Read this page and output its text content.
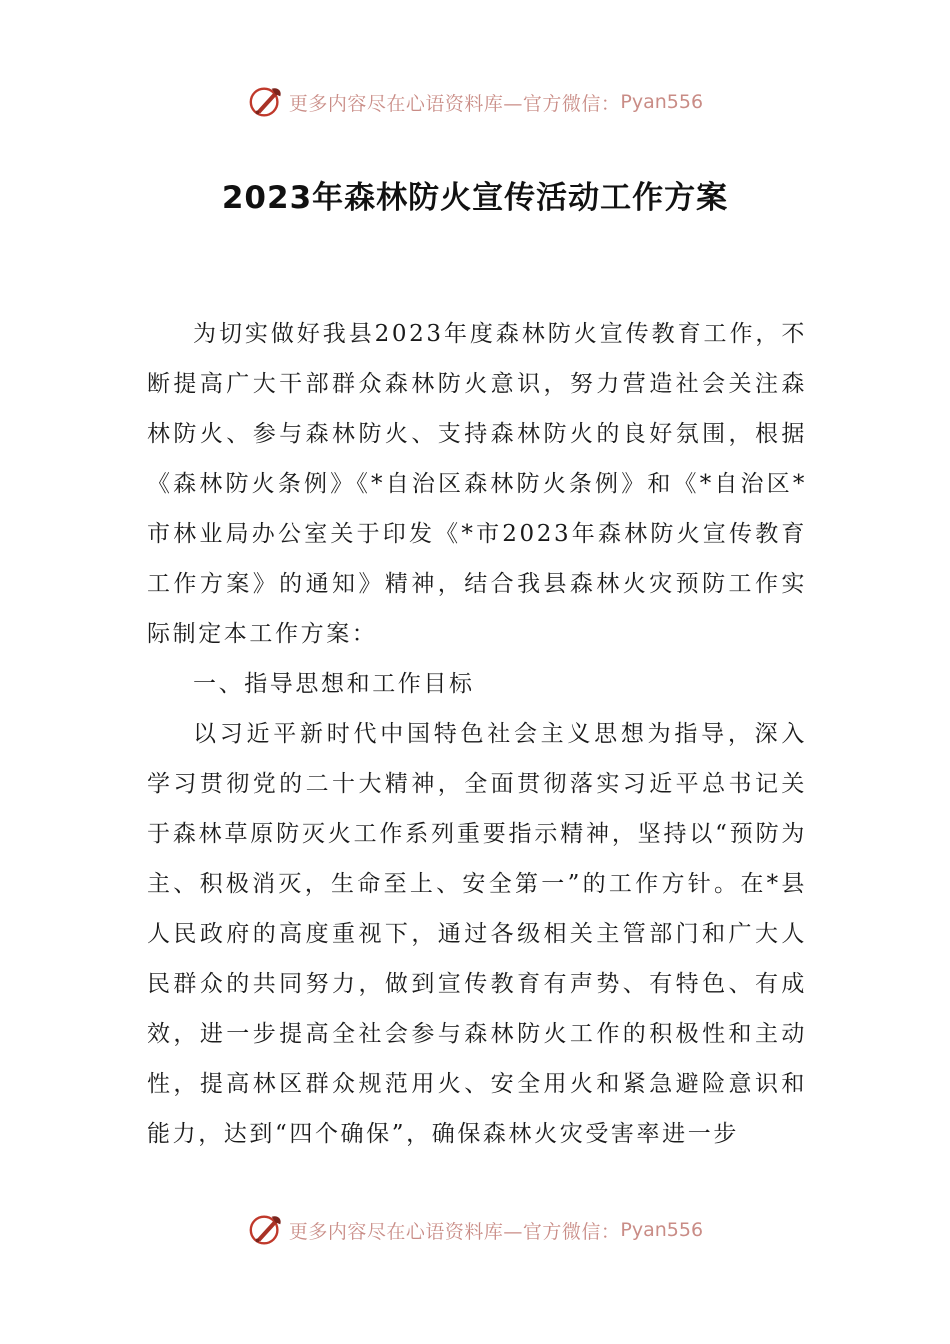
更多内容尽在心语资料库—官方微信： Pyan556
2023年森林防火宣传活动工作方案

为切实做好我县2023年度森林防火宣传教育工作，不断提高广大干部群众森林防火意识，努力营造社会关注森林防火、参与森林防火、支持森林防火的良好氛围，根据《森林防火条例》《*自治区森林防火条例》和《*自治区*市林业局办公室关于印发《*市2023年森林防火宣传教育工作方案》的通知》精神，结合我县森林火灾预防工作实际制定本工作方案：

一、指导思想和工作目标

以习近平新时代中国特色社会主义思想为指导，深入学习贯彻党的二十大精神，全面贯彻落实习近平总书记关于森林草原防灭火工作系列重要指示精神，坚持以“预防为主、积极消灭，生命至上、安全第一”的工作方针。在*县人民政府的高度重视下，通过各级相关主管部门和广大人民群众的共同努力，做到宣传教育有声势、有特色、有成效，进一步提高全社会参与森林防火工作的积极性和主动性，提高林区群众规范用火、安全用火和紧急避险意识和能力，达到“四个确保”，确保森林火灾受害率进一步

更多内容尽在心语资料库—官方微信： Pyan556
